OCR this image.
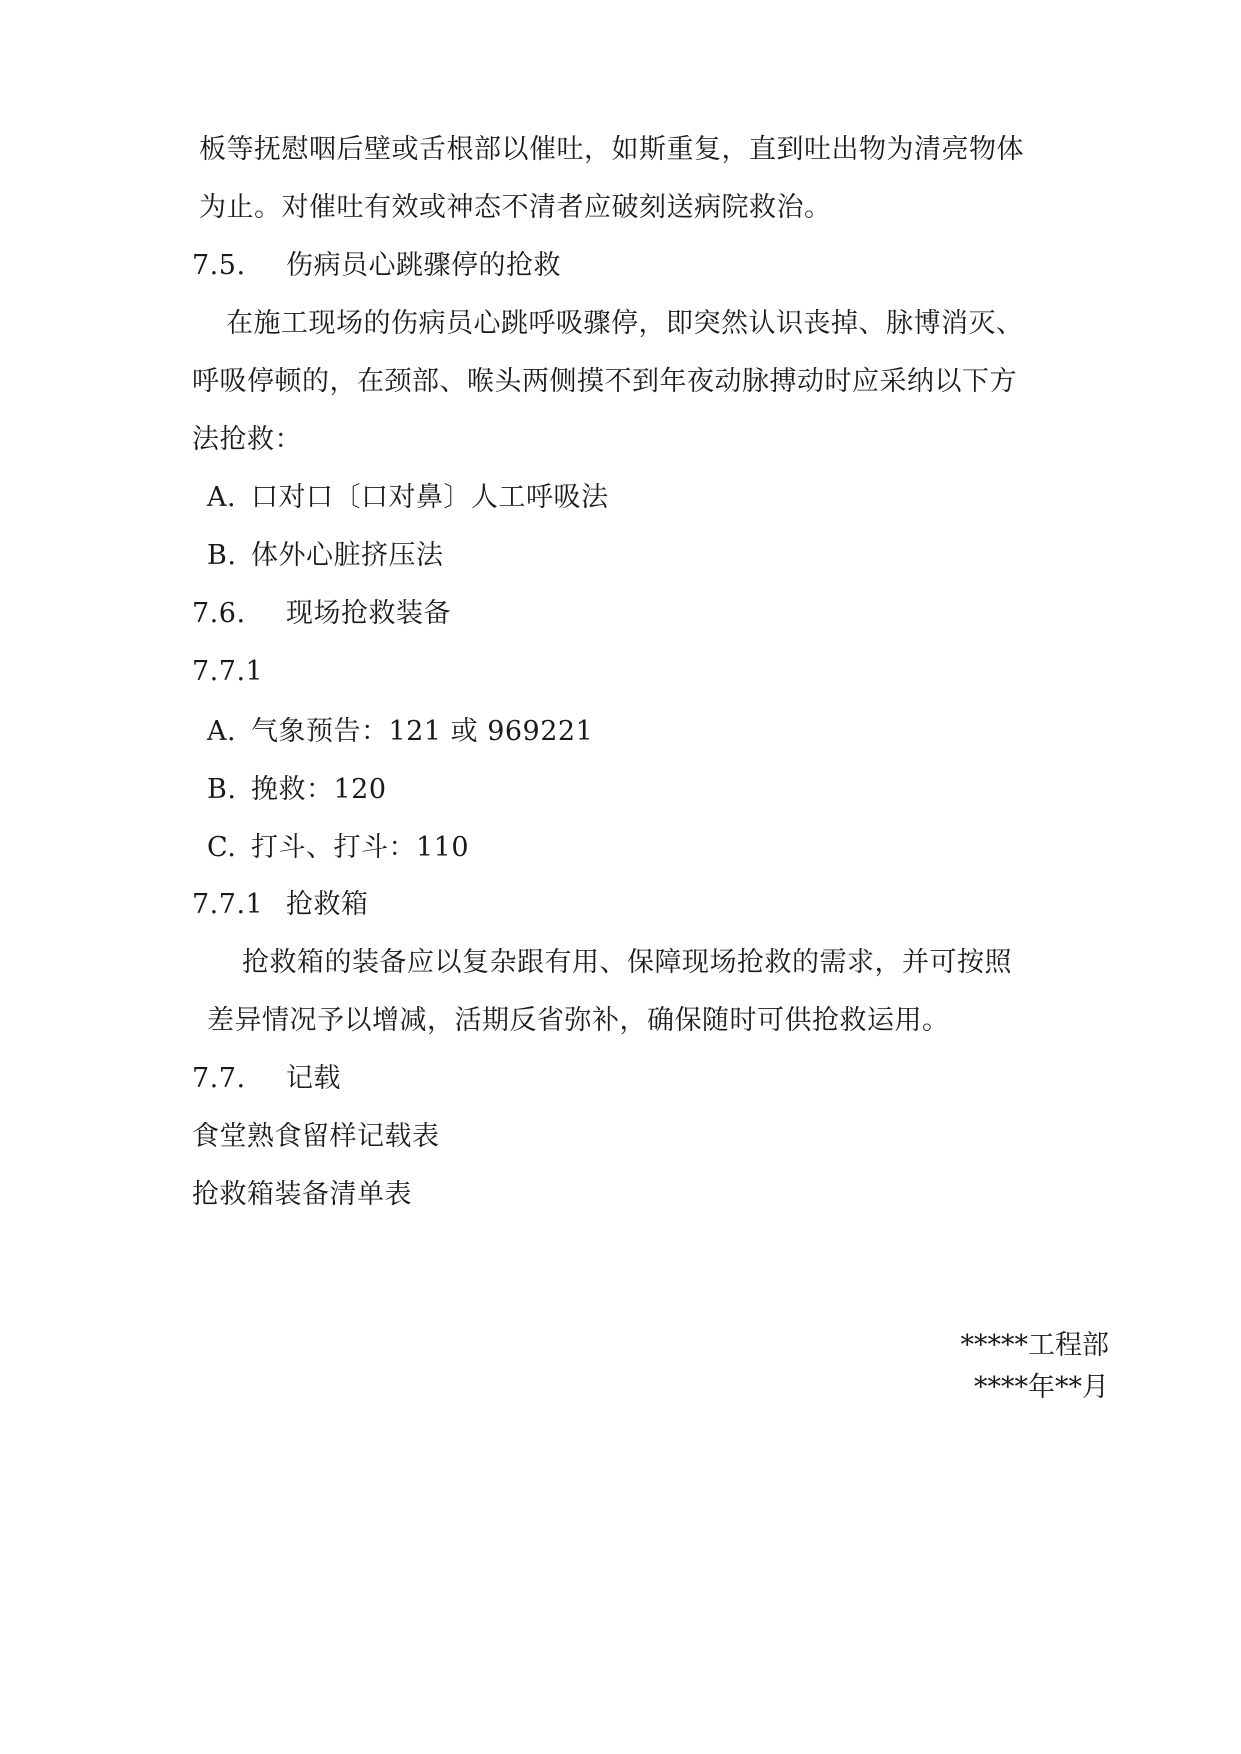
板等抚慰咽后壁或舌根部以催吐，如斯重复，直到吐出物为清亮物体
为止。对催吐有效或神态不清者应破刻送病院救治。
7.5. 伤病员心跳骤停的抢救
在施工现场的伤病员心跳呼吸骤停，即突然认识丧掉、脉博消灭、
呼吸停顿的，在颈部、喉头两侧摸不到年夜动脉搏动时应采纳以下方
法抢救：
A. 口对口〔口对鼻〕人工呼吸法
B. 体外心脏挤压法
7.6. 现场抢救装备
7.7.1
A. 气象预告：121 或 969221
B. 挽救：120
C. 打斗、打斗：110
7.7.1 抢救箱
抢救箱的装备应以复杂跟有用、保障现场抢救的需求，并可按照
差异情况予以增减，活期反省弥补，确保随时可供抢救运用。
7.7. 记载
食堂熟食留样记载表
抢救箱装备清单表
*****工程部
****年**月
